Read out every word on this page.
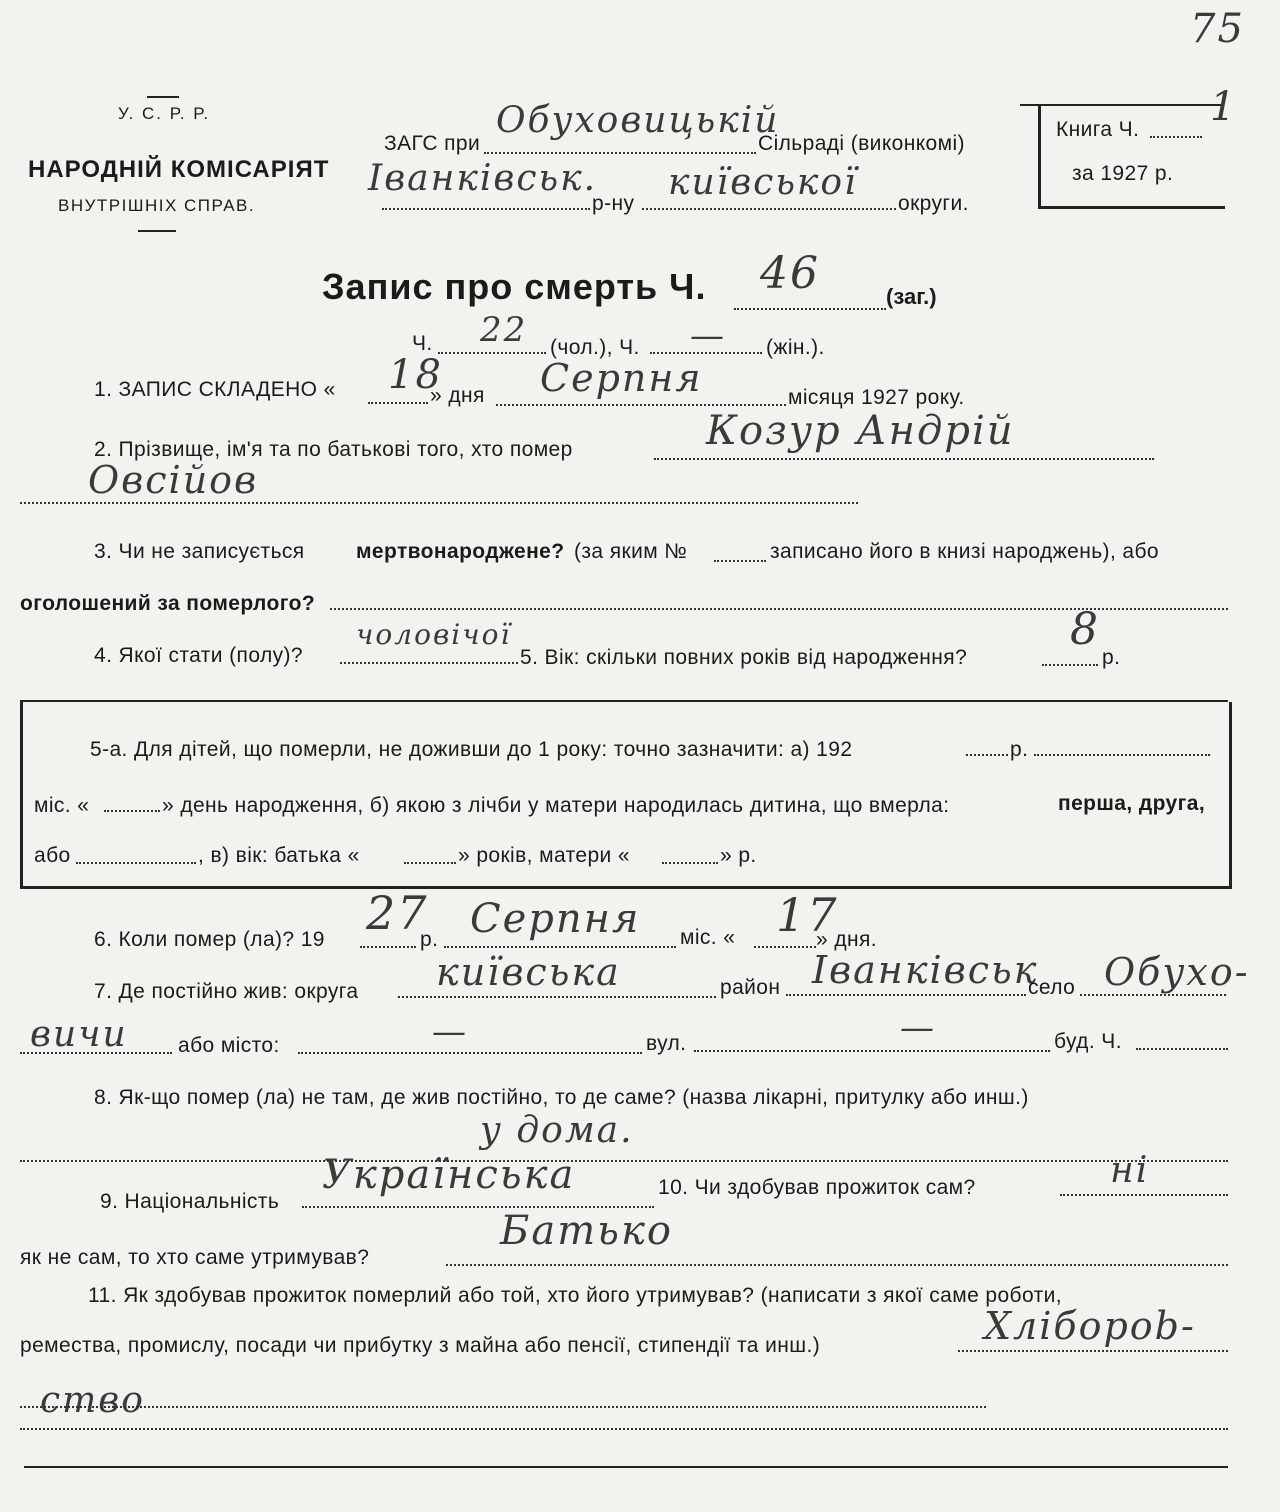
75
У. С. Р. Р.
НАРОДНІЙ КОМІСАРІЯТ
ВНУТРІШНІХ СПРАВ.
ЗАГС при
Обуховицькій
Сільраді (виконкомі)
Іванківськ.
р-ну
київської
округи.
Книга Ч. 1
за 1927 р.
Запис про смерть Ч. 46	(заг.)
Ч. 22 (чол.), Ч. — (жін.).
1. ЗАПИС СКЛАДЕНО « 18
» дня Серпня	місяця 1927 року.
2. Прізвище, ім'я та по батькові того, хто помер	Козур Андрій
Овсійов
3. Чи не записується мертвонароджене? (за яким №	записано його в книзі народжень), або
оголошений за померлого?
4. Якої стати (полу)?
чоловічої
5. Вік: скільки повних років від народження?
8
р.
5-а. Для дітей, що померли, не доживши до 1 року: точно зазначити: а) 192	р.
міс. «	» день народження, б) якою з лічби у матери народилась дитина, що вмерла:	перша, друга,
або	, в) вік: батька «	» років, матери «	» р.
6. Коли помер (ла)? 19 27
р. Серпня міс. « 17
» дня.
7. Де постійно жив: округа київська	район Іванківськ
село Обухо-
вичи або місто:	—	вул.	—	буд. Ч.
8. Як-що помер (ла) не там, де жив постійно, то де саме? (назва лікарні, притулку або инш.)
у дома.
9. Національність
Українська	10. Чи здобував прожиток сам?	ні
як не сам, то хто саме утримував?
Батько
11. Як здобував прожиток померлий або той, хто його утримував? (написати з якої саме роботи,
ремества, промислу, посади чи прибутку з майна або пенсії, стипендії та инш.)	Хліборob-
ство
